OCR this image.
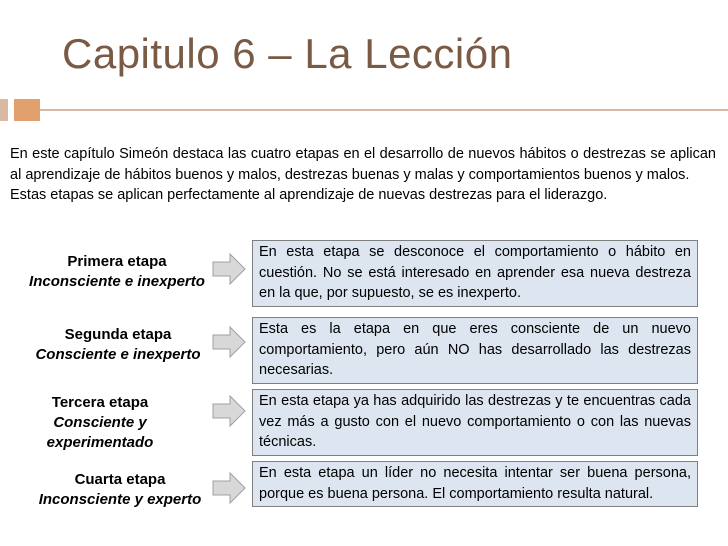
Capitulo 6 – La Lección

En este capítulo Simeón destaca las cuatro etapas en el desarrollo de nuevos hábitos o destrezas se aplican al aprendizaje de hábitos buenos y malos, destrezas buenas y malas y comportamientos buenos y malos.

Estas etapas se aplican perfectamente al aprendizaje de nuevas destrezas para el liderazgo.

Primera etapa
Inconsciente e inexperto
En esta etapa se desconoce el comportamiento o hábito en cuestión. No se está interesado en aprender esa nueva destreza en la que, por supuesto, se es inexperto.
Segunda etapa
Consciente e inexperto
Esta es la etapa en que eres consciente de un nuevo comportamiento, pero aún NO has desarrollado las destrezas necesarias.
Tercera etapa
Consciente y experimentado
En esta etapa ya has adquirido las destrezas y te encuentras cada vez más a gusto con el nuevo comportamiento o con las nuevas técnicas.
Cuarta etapa
Inconsciente y experto
En esta etapa un líder no necesita intentar ser buena persona, porque es buena persona. El comportamiento resulta natural.
